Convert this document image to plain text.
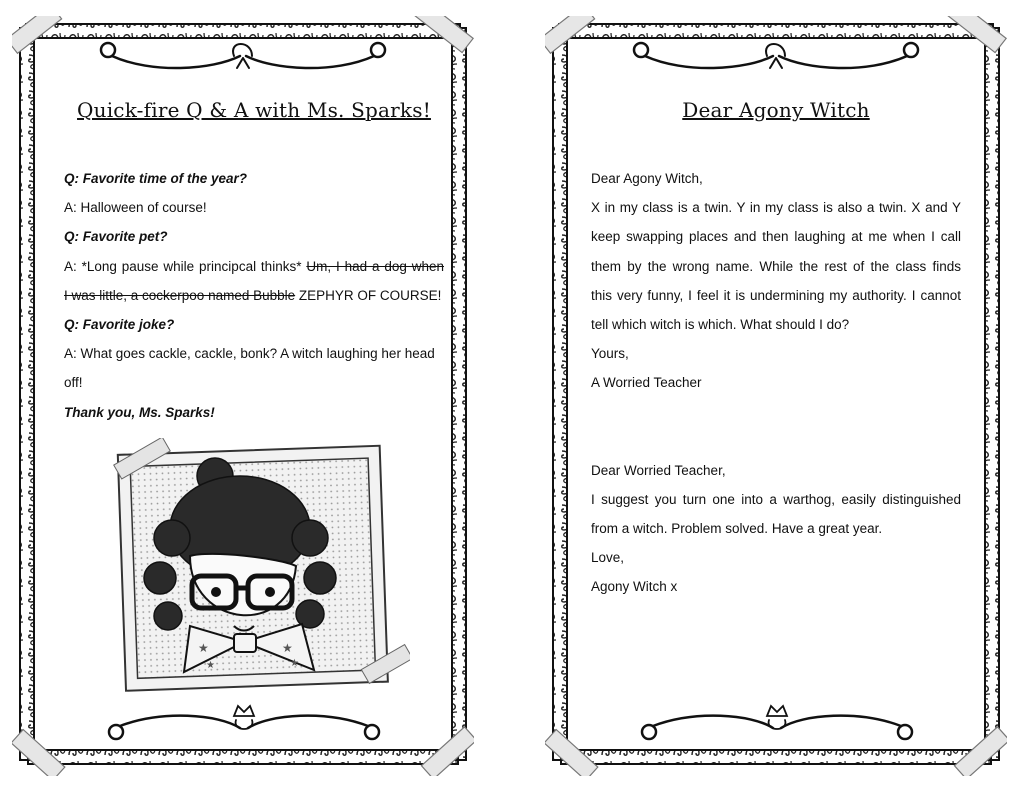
Quick-fire Q & A with Ms. Sparks!
Q: Favorite time of the year?
A: Halloween of course!
Q: Favorite pet?
A: *Long pause while principcal thinks* Um, I had a dog when
I was little, a cockerpoo named Bubble ZEPHYR OF COURSE!
Q: Favorite joke?
A: What goes cackle, cackle, bonk? A witch laughing her head
off!
Thank you, Ms. Sparks!
★	★
★	★
Dear Agony Witch
Dear Agony Witch,
X in my class is a twin. Y in my class is also a twin. X and Y
keep swapping places and then laughing at me when I call
them by the wrong name. While the rest of the class finds
this very funny, I feel it is undermining my authority. I cannot
tell which witch is which. What should I do?
Yours,
A Worried Teacher
Dear Worried Teacher,
I suggest you turn one into a warthog, easily distinguished
from a witch. Problem solved. Have a great year.
Love,
Agony Witch x
